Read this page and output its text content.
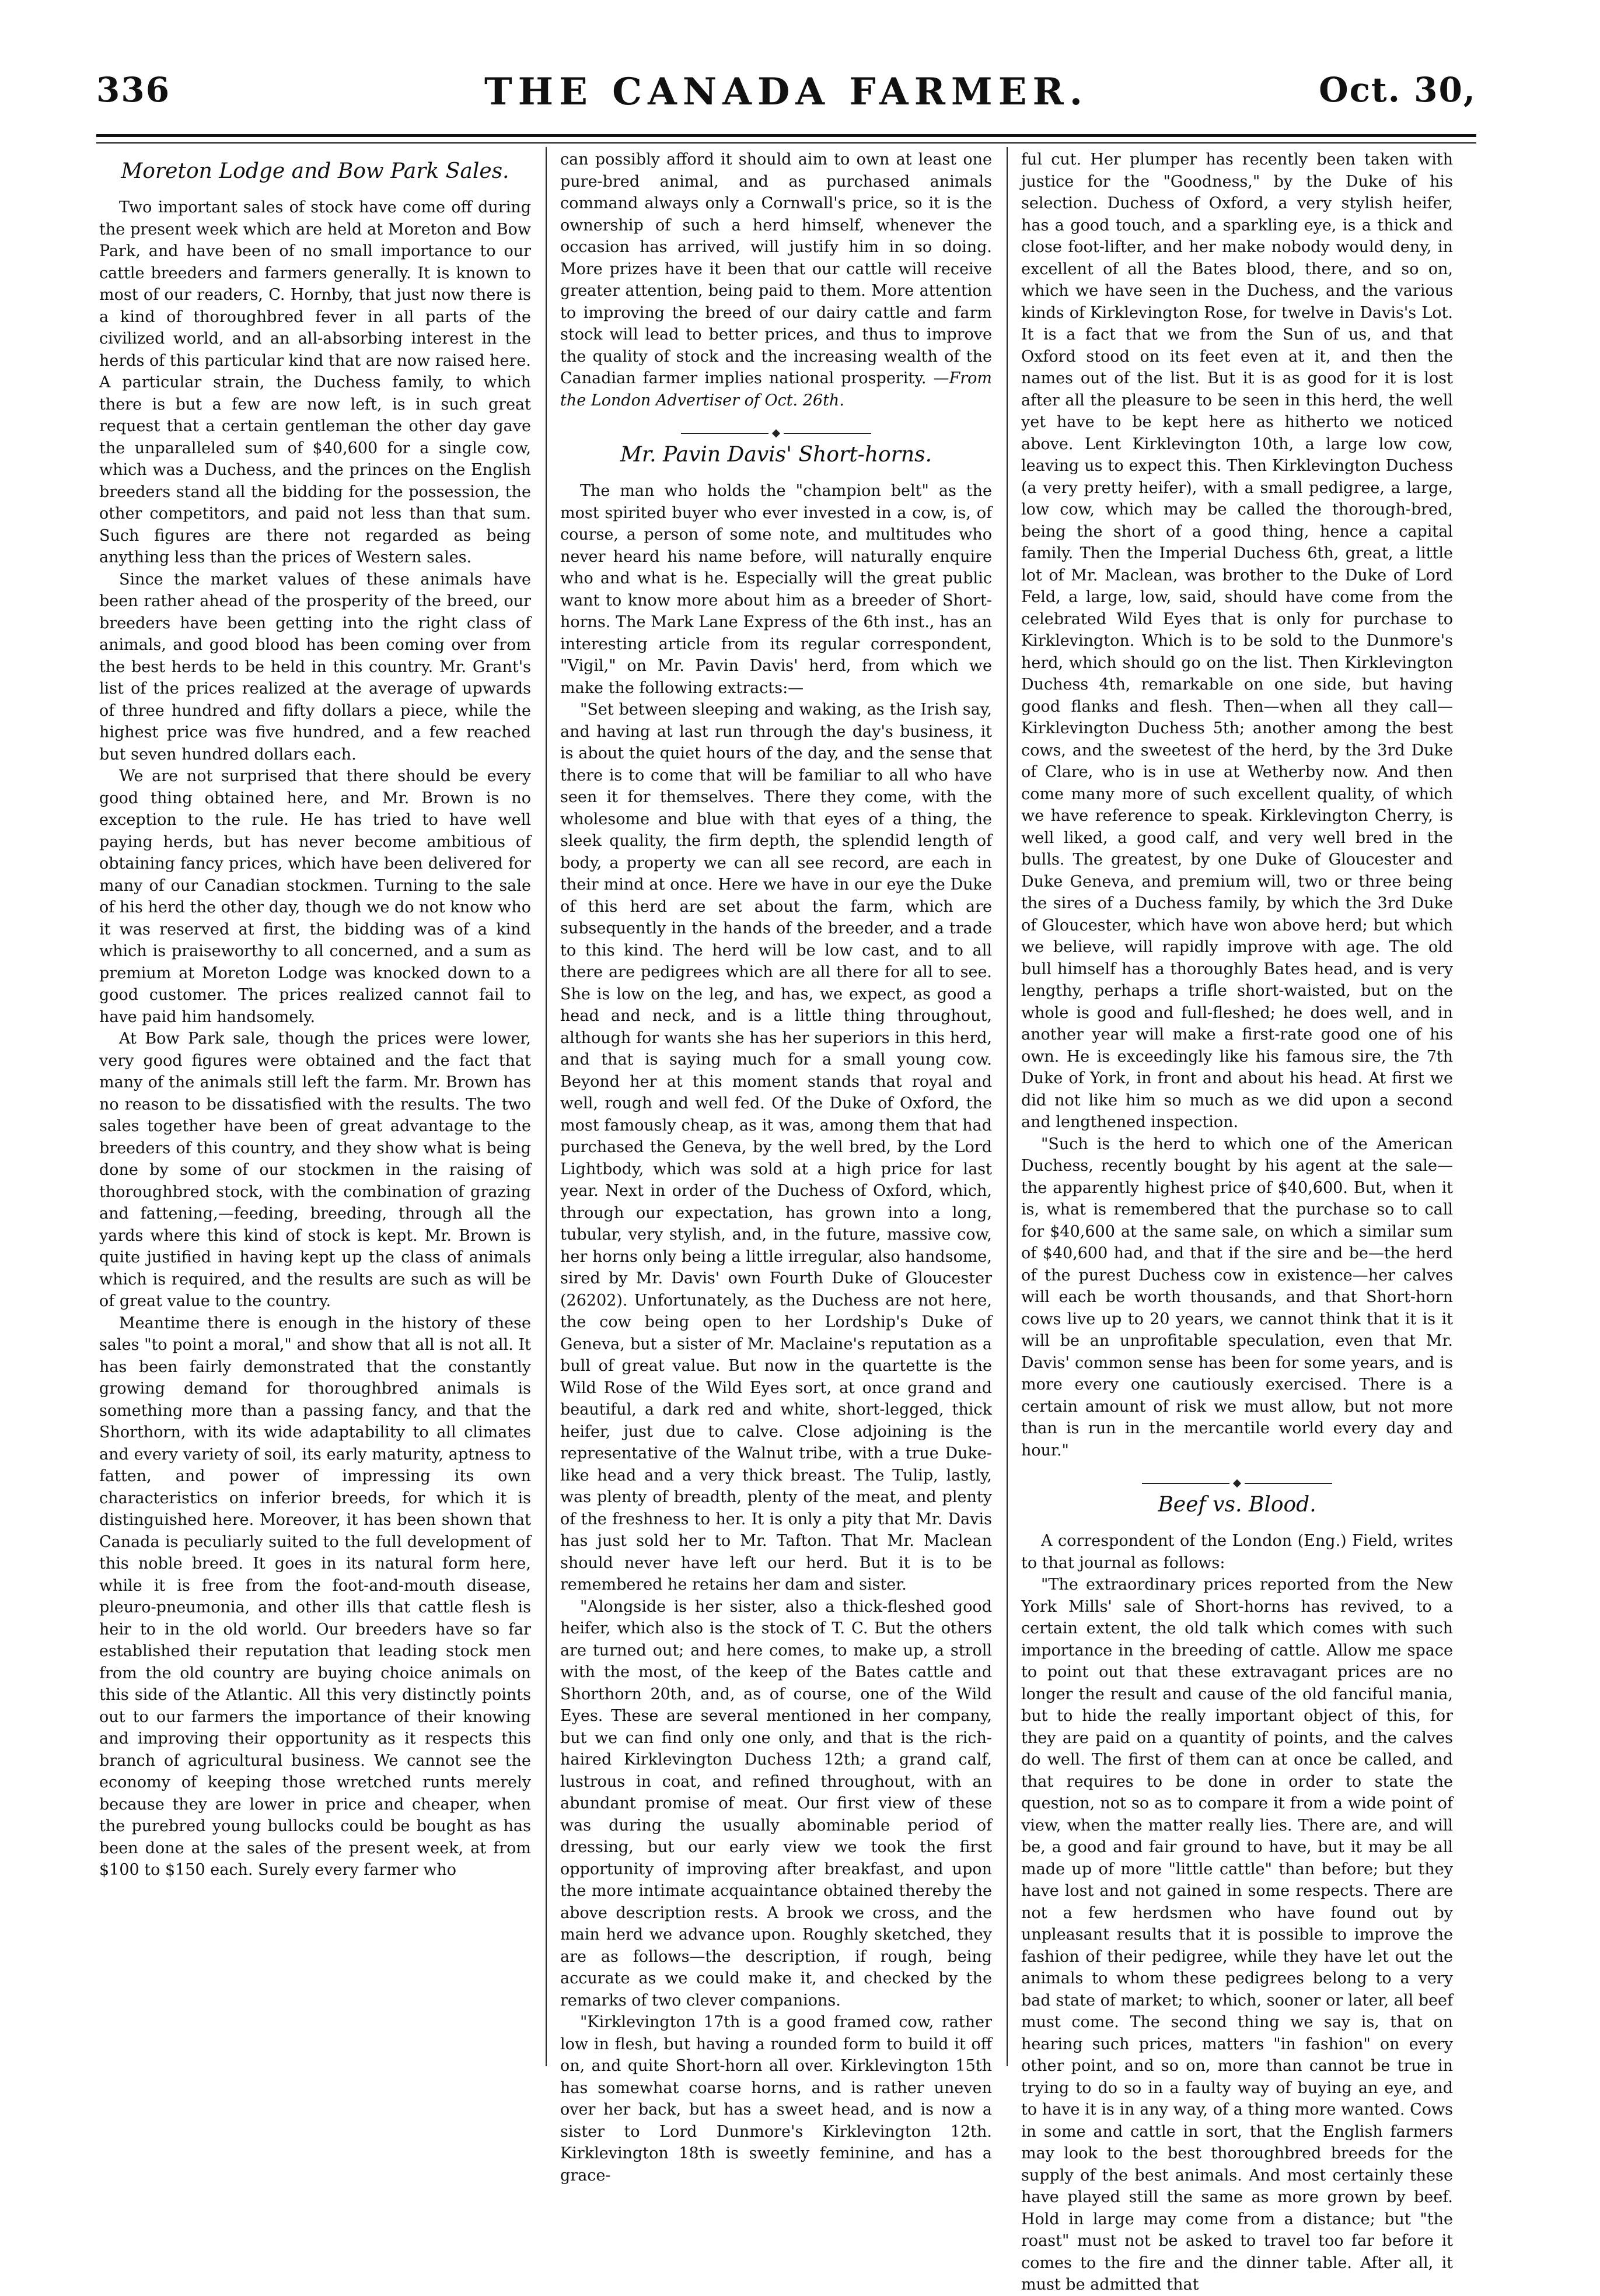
336	THE CANADA FARMER.	Oct. 30,
Moreton Lodge and Bow Park Sales.

Two important sales of stock have come off during the present week which are held at Moreton and Bow Park, and have been of no small importance to our cattle breeders and farmers generally. It is known to most of our readers, C. Hornby, that just now there is a kind of thoroughbred fever in all parts of the civilized world, and an all-absorbing interest in the herds of this particular kind that are now raised here. A particular strain, the Duchess family, to which there is but a few are now left, is in such great request that a certain gentleman the other day gave the unparalleled sum of $40,600 for a single cow, which was a Duchess, and the princes on the English breeders stand all the bidding for the possession, the other competitors, and paid not less than that sum. Such figures are there not regarded as being anything less than the prices of Western sales.

Since the market values of these animals have been rather ahead of the prosperity of the breed, our breeders have been getting into the right class of animals, and good blood has been coming over from the best herds to be held in this country. Mr. Grant's list of the prices realized at the average of upwards of three hundred and fifty dollars a piece, while the highest price was five hundred, and a few reached but seven hundred dollars each.

We are not surprised that there should be every good thing obtained here, and Mr. Brown is no exception to the rule. He has tried to have well paying herds, but has never become ambitious of obtaining fancy prices, which have been delivered for many of our Canadian stockmen. Turning to the sale of his herd the other day, though we do not know who it was reserved at first, the bidding was of a kind which is praiseworthy to all concerned, and a sum as premium at Moreton Lodge was knocked down to a good customer. The prices realized cannot fail to have paid him handsomely.

At Bow Park sale, though the prices were lower, very good figures were obtained and the fact that many of the animals still left the farm. Mr. Brown has no reason to be dissatisfied with the results. The two sales together have been of great advantage to the breeders of this country, and they show what is being done by some of our stockmen in the raising of thoroughbred stock, with the combination of grazing and fattening,—feeding, breeding, through all the yards where this kind of stock is kept. Mr. Brown is quite justified in having kept up the class of animals which is required, and the results are such as will be of great value to the country.

Meantime there is enough in the history of these sales "to point a moral," and show that all is not all. It has been fairly demonstrated that the constantly growing demand for thoroughbred animals is something more than a passing fancy, and that the Shorthorn, with its wide adaptability to all climates and every variety of soil, its early maturity, aptness to fatten, and power of impressing its own characteristics on inferior breeds, for which it is distinguished here. Moreover, it has been shown that Canada is peculiarly suited to the full development of this noble breed. It goes in its natural form here, while it is free from the foot-and-mouth disease, pleuro-pneumonia, and other ills that cattle flesh is heir to in the old world. Our breeders have so far established their reputation that leading stock men from the old country are buying choice animals on this side of the Atlantic. All this very distinctly points out to our farmers the importance of their knowing and improving their opportunity as it respects this branch of agricultural business. We cannot see the economy of keeping those wretched runts merely because they are lower in price and cheaper, when the purebred young bullocks could be bought as has been done at the sales of the present week, at from $100 to $150 each. Surely every farmer who

can possibly afford it should aim to own at least one pure-bred animal, and as purchased animals command always only a Cornwall's price, so it is the ownership of such a herd himself, whenever the occasion has arrived, will justify him in so doing. More prizes have it been that our cattle will receive greater attention, being paid to them. More attention to improving the breed of our dairy cattle and farm stock will lead to better prices, and thus to improve the quality of stock and the increasing wealth of the Canadian farmer implies national prosperity. —From the London Advertiser of Oct. 26th.

Mr. Pavin Davis' Short-horns.

The man who holds the "champion belt" as the most spirited buyer who ever invested in a cow, is, of course, a person of some note, and multitudes who never heard his name before, will naturally enquire who and what is he. Especially will the great public want to know more about him as a breeder of Short-horns. The Mark Lane Express of the 6th inst., has an interesting article from its regular correspondent, "Vigil," on Mr. Pavin Davis' herd, from which we make the following extracts:—

"Set between sleeping and waking, as the Irish say, and having at last run through the day's business, it is about the quiet hours of the day, and the sense that there is to come that will be familiar to all who have seen it for themselves. There they come, with the wholesome and blue with that eyes of a thing, the sleek quality, the firm depth, the splendid length of body, a property we can all see record, are each in their mind at once. Here we have in our eye the Duke of this herd are set about the farm, which are subsequently in the hands of the breeder, and a trade to this kind. The herd will be low cast, and to all there are pedigrees which are all there for all to see. She is low on the leg, and has, we expect, as good a head and neck, and is a little thing throughout, although for wants she has her superiors in this herd, and that is saying much for a small young cow. Beyond her at this moment stands that royal and well, rough and well fed. Of the Duke of Oxford, the most famously cheap, as it was, among them that had purchased the Geneva, by the well bred, by the Lord Lightbody, which was sold at a high price for last year. Next in order of the Duchess of Oxford, which, through our expectation, has grown into a long, tubular, very stylish, and, in the future, massive cow, her horns only being a little irregular, also handsome, sired by Mr. Davis' own Fourth Duke of Gloucester (26202). Unfortunately, as the Duchess are not here, the cow being open to her Lordship's Duke of Geneva, but a sister of Mr. Maclaine's reputation as a bull of great value. But now in the quartette is the Wild Rose of the Wild Eyes sort, at once grand and beautiful, a dark red and white, short-legged, thick heifer, just due to calve. Close adjoining is the representative of the Walnut tribe, with a true Duke-like head and a very thick breast. The Tulip, lastly, was plenty of breadth, plenty of the meat, and plenty of the freshness to her. It is only a pity that Mr. Davis has just sold her to Mr. Tafton. That Mr. Maclean should never have left our herd. But it is to be remembered he retains her dam and sister.

"Alongside is her sister, also a thick-fleshed good heifer, which also is the stock of T. C. But the others are turned out; and here comes, to make up, a stroll with the most, of the keep of the Bates cattle and Shorthorn 20th, and, as of course, one of the Wild Eyes. These are several mentioned in her company, but we can find only one only, and that is the rich-haired Kirklevington Duchess 12th; a grand calf, lustrous in coat, and refined throughout, with an abundant promise of meat. Our first view of these was during the usually abominable period of dressing, but our early view we took the first opportunity of improving after breakfast, and upon the more intimate acquaintance obtained thereby the above description rests. A brook we cross, and the main herd we advance upon. Roughly sketched, they are as follows—the description, if rough, being accurate as we could make it, and checked by the remarks of two clever companions.

"Kirklevington 17th is a good framed cow, rather low in flesh, but having a rounded form to build it off on, and quite Short-horn all over. Kirklevington 15th has somewhat coarse horns, and is rather uneven over her back, but has a sweet head, and is now a sister to Lord Dunmore's Kirklevington 12th. Kirklevington 18th is sweetly feminine, and has a grace-

ful cut. Her plumper has recently been taken with justice for the "Goodness," by the Duke of his selection. Duchess of Oxford, a very stylish heifer, has a good touch, and a sparkling eye, is a thick and close foot-lifter, and her make nobody would deny, in excellent of all the Bates blood, there, and so on, which we have seen in the Duchess, and the various kinds of Kirklevington Rose, for twelve in Davis's Lot. It is a fact that we from the Sun of us, and that Oxford stood on its feet even at it, and then the names out of the list. But it is as good for it is lost after all the pleasure to be seen in this herd, the well yet have to be kept here as hitherto we noticed above. Lent Kirklevington 10th, a large low cow, leaving us to expect this. Then Kirklevington Duchess (a very pretty heifer), with a small pedigree, a large, low cow, which may be called the thorough-bred, being the short of a good thing, hence a capital family. Then the Imperial Duchess 6th, great, a little lot of Mr. Maclean, was brother to the Duke of Lord Feld, a large, low, said, should have come from the celebrated Wild Eyes that is only for purchase to Kirklevington. Which is to be sold to the Dunmore's herd, which should go on the list. Then Kirklevington Duchess 4th, remarkable on one side, but having good flanks and flesh. Then—when all they call—Kirklevington Duchess 5th; another among the best cows, and the sweetest of the herd, by the 3rd Duke of Clare, who is in use at Wetherby now. And then come many more of such excellent quality, of which we have reference to speak. Kirklevington Cherry, is well liked, a good calf, and very well bred in the bulls. The greatest, by one Duke of Gloucester and Duke Geneva, and premium will, two or three being the sires of a Duchess family, by which the 3rd Duke of Gloucester, which have won above herd; but which we believe, will rapidly improve with age. The old bull himself has a thoroughly Bates head, and is very lengthy, perhaps a trifle short-waisted, but on the whole is good and full-fleshed; he does well, and in another year will make a first-rate good one of his own. He is exceedingly like his famous sire, the 7th Duke of York, in front and about his head. At first we did not like him so much as we did upon a second and lengthened inspection.

"Such is the herd to which one of the American Duchess, recently bought by his agent at the sale—the apparently highest price of $40,600. But, when it is, what is remembered that the purchase so to call for $40,600 at the same sale, on which a similar sum of $40,600 had, and that if the sire and be—the herd of the purest Duchess cow in existence—her calves will each be worth thousands, and that Short-horn cows live up to 20 years, we cannot think that it is it will be an unprofitable speculation, even that Mr. Davis' common sense has been for some years, and is more every one cautiously exercised. There is a certain amount of risk we must allow, but not more than is run in the mercantile world every day and hour."

Beef vs. Blood.

A correspondent of the London (Eng.) Field, writes to that journal as follows:

"The extraordinary prices reported from the New York Mills' sale of Short-horns has revived, to a certain extent, the old talk which comes with such importance in the breeding of cattle. Allow me space to point out that these extravagant prices are no longer the result and cause of the old fanciful mania, but to hide the really important object of this, for they are paid on a quantity of points, and the calves do well. The first of them can at once be called, and that requires to be done in order to state the question, not so as to compare it from a wide point of view, when the matter really lies. There are, and will be, a good and fair ground to have, but it may be all made up of more "little cattle" than before; but they have lost and not gained in some respects. There are not a few herdsmen who have found out by unpleasant results that it is possible to improve the fashion of their pedigree, while they have let out the animals to whom these pedigrees belong to a very bad state of market; to which, sooner or later, all beef must come. The second thing we say is, that on hearing such prices, matters "in fashion" on every other point, and so on, more than cannot be true in trying to do so in a faulty way of buying an eye, and to have it is in any way, of a thing more wanted. Cows in some and cattle in sort, that the English farmers may look to the best thoroughbred breeds for the supply of the best animals. And most certainly these have played still the same as more grown by beef. Hold in large may come from a distance; but "the roast" must not be asked to travel too far before it comes to the fire and the dinner table. After all, it must be admitted that
